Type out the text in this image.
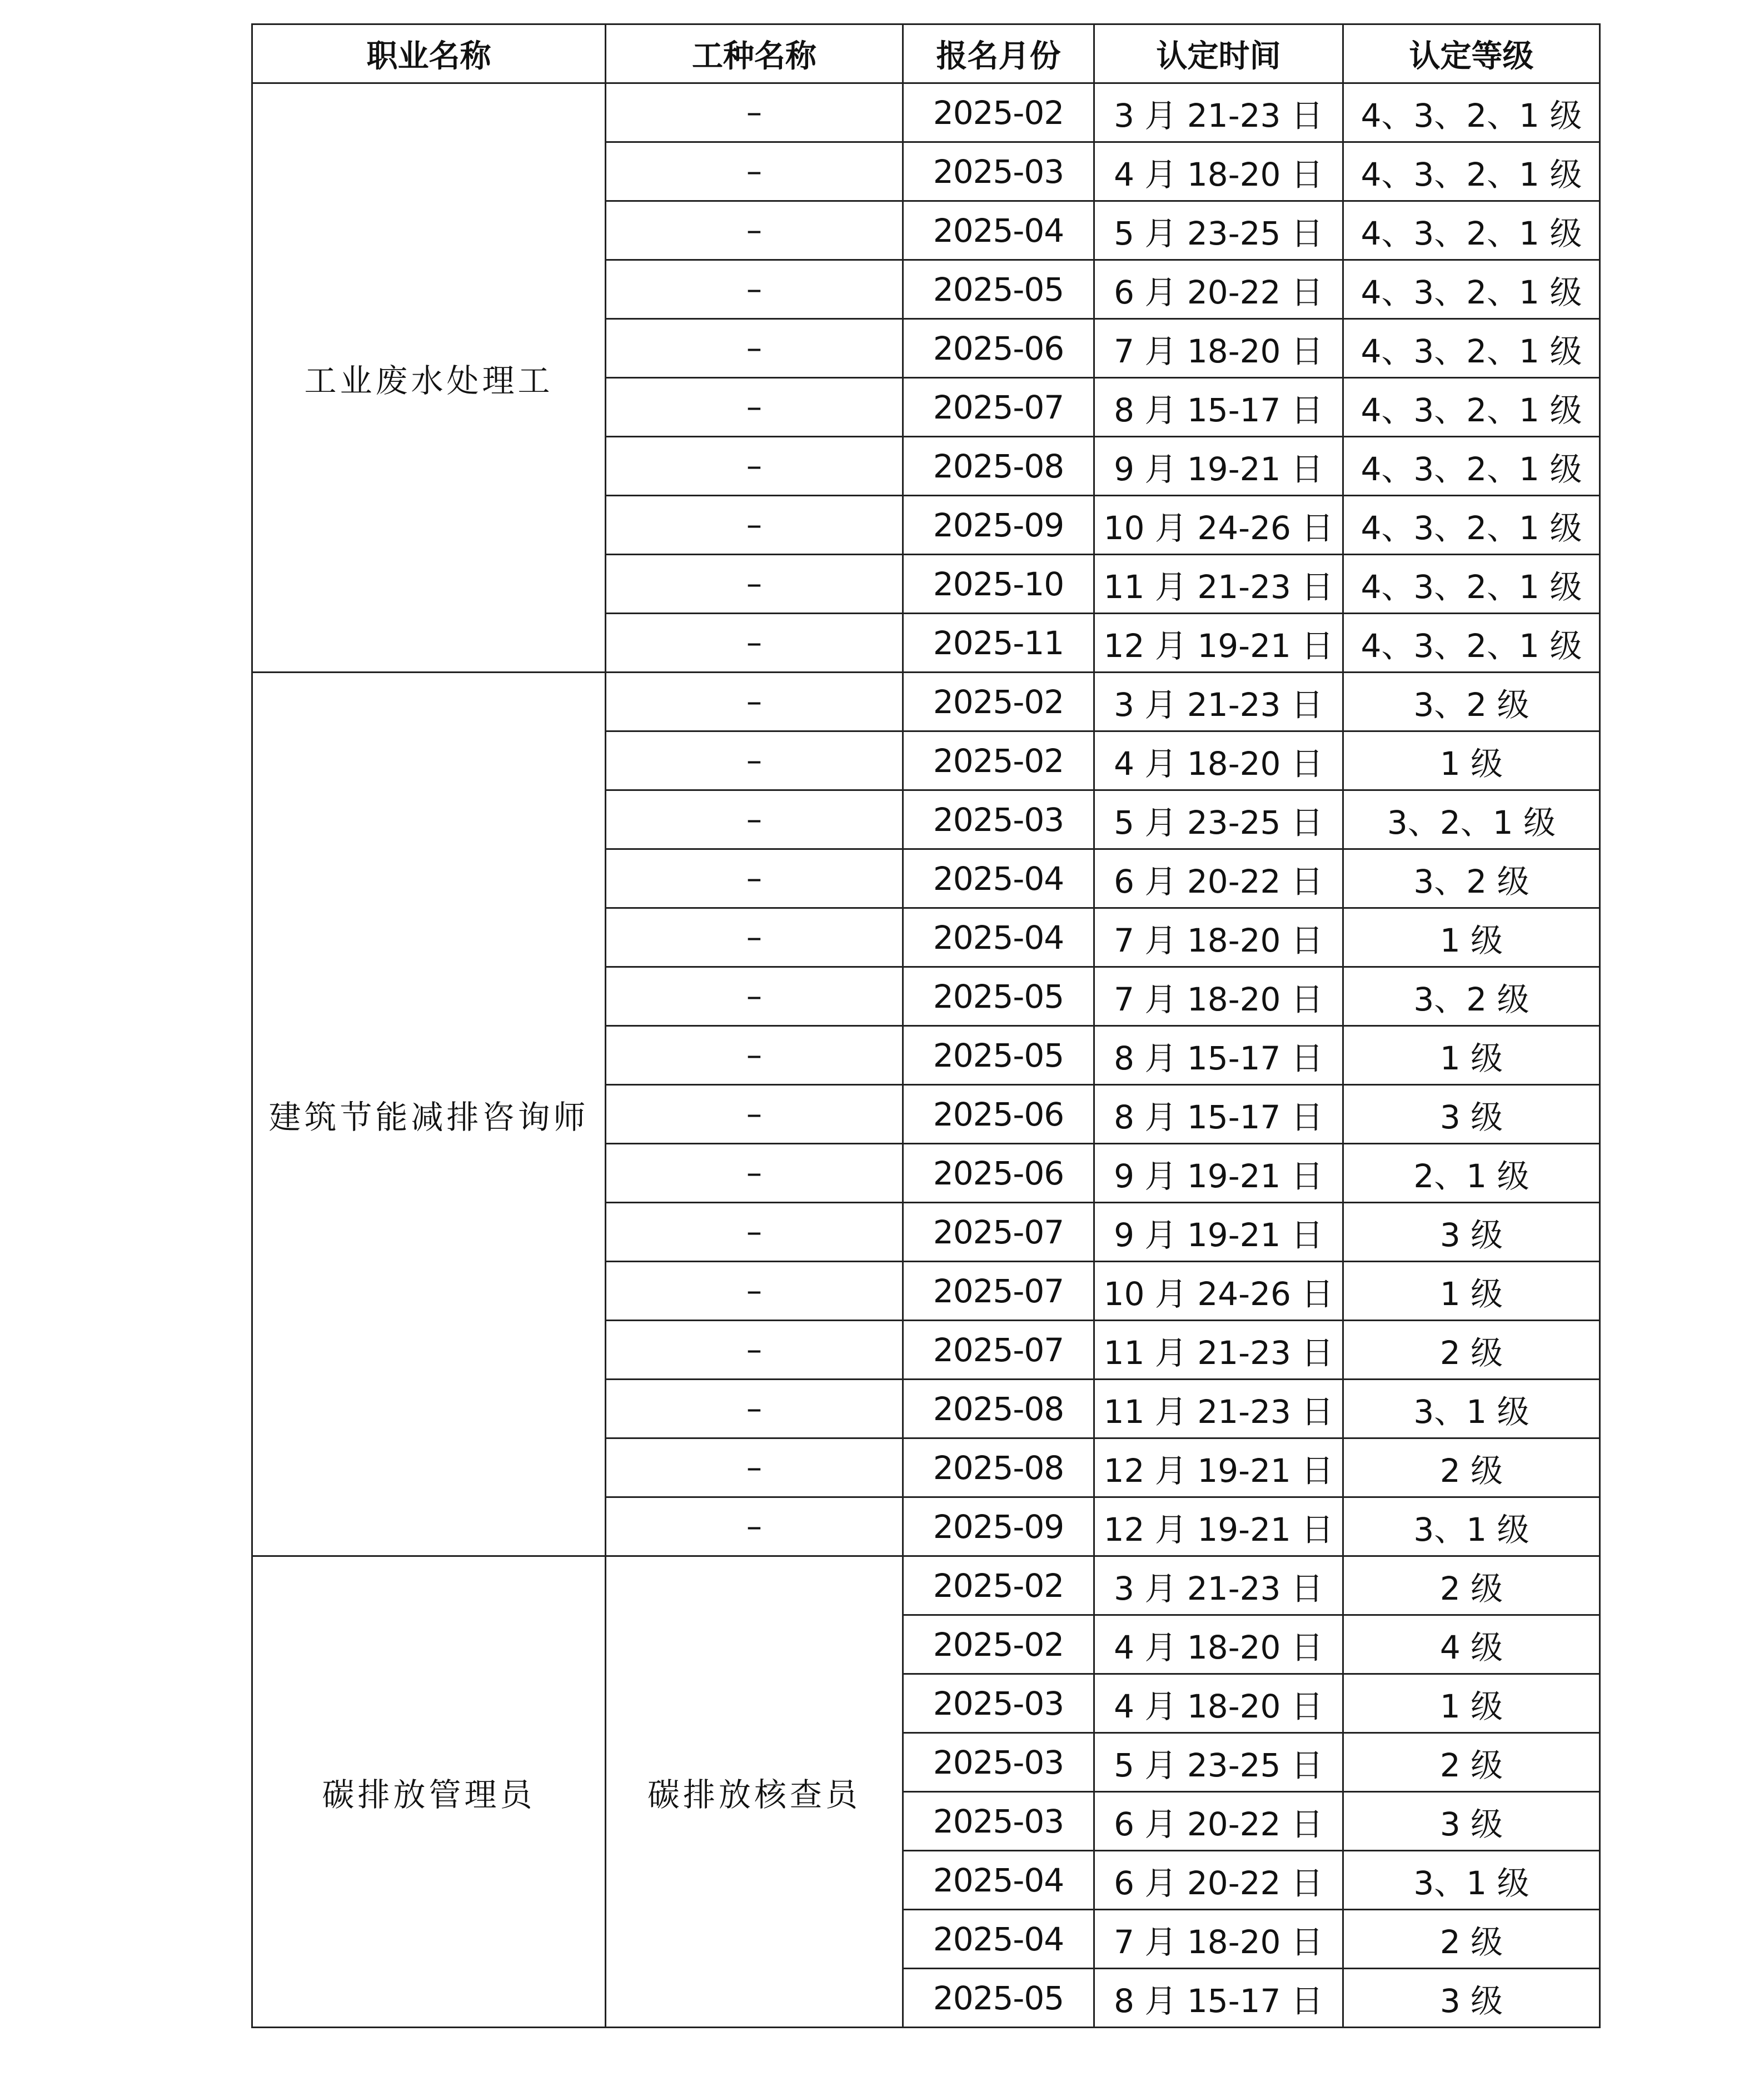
职业名称	工种名称	报名月份	认定时间	认定等级
工业废水处理工	–	2025-02	3 月 21-23 日	4、3、2、1 级
	–	2025-03	4 月 18-20 日	4、3、2、1 级
	–	2025-04	5 月 23-25 日	4、3、2、1 级
	–	2025-05	6 月 20-22 日	4、3、2、1 级
	–	2025-06	7 月 18-20 日	4、3、2、1 级
	–	2025-07	8 月 15-17 日	4、3、2、1 级
	–	2025-08	9 月 19-21 日	4、3、2、1 级
	–	2025-09	10 月 24-26 日	4、3、2、1 级
	–	2025-10	11 月 21-23 日	4、3、2、1 级
	–	2025-11	12 月 19-21 日	4、3、2、1 级
建筑节能减排咨询师	–	2025-02	3 月 21-23 日	3、2 级
	–	2025-02	4 月 18-20 日	1 级
	–	2025-03	5 月 23-25 日	3、2、1 级
	–	2025-04	6 月 20-22 日	3、2 级
	–	2025-04	7 月 18-20 日	1 级
	–	2025-05	7 月 18-20 日	3、2 级
	–	2025-05	8 月 15-17 日	1 级
	–	2025-06	8 月 15-17 日	3 级
	–	2025-06	9 月 19-21 日	2、1 级
	–	2025-07	9 月 19-21 日	3 级
	–	2025-07	10 月 24-26 日	1 级
	–	2025-07	11 月 21-23 日	2 级
	–	2025-08	11 月 21-23 日	3、1 级
	–	2025-08	12 月 19-21 日	2 级
	–	2025-09	12 月 19-21 日	3、1 级
碳排放管理员	碳排放核查员	2025-02	3 月 21-23 日	2 级
		2025-02	4 月 18-20 日	4 级
		2025-03	4 月 18-20 日	1 级
		2025-03	5 月 23-25 日	2 级
		2025-03	6 月 20-22 日	3 级
		2025-04	6 月 20-22 日	3、1 级
		2025-04	7 月 18-20 日	2 级
		2025-05	8 月 15-17 日	3 级
